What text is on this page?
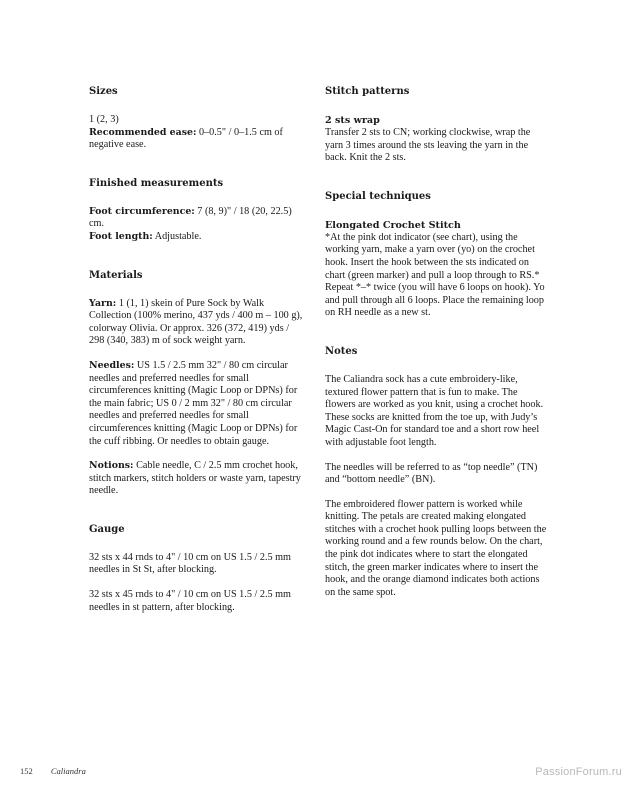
Sizes

1 (2, 3)
Recommended ease: 0–0.5" / 0–1.5 cm of negative ease.

Finished measurements

Foot circumference: 7 (8, 9)" / 18 (20, 22.5) cm.
Foot length: Adjustable.

Materials

Yarn: 1 (1, 1) skein of Pure Sock by Walk Collection (100% merino, 437 yds / 400 m – 100 g), colorway Olivia. Or approx. 326 (372, 419) yds / 298 (340, 383) m of sock weight yarn.

Needles: US 1.5 / 2.5 mm 32" / 80 cm circular needles and preferred needles for small circumferences knitting (Magic Loop or DPNs) for the main fabric; US 0 / 2 mm 32" / 80 cm circular needles and preferred needles for small circumferences knitting (Magic Loop or DPNs) for the cuff ribbing. Or needles to obtain gauge.

Notions: Cable needle, C / 2.5 mm crochet hook, stitch markers, stitch holders or waste yarn, tapestry needle.

Gauge

32 sts x 44 rnds to 4" / 10 cm on US 1.5 / 2.5 mm needles in St St, after blocking.

32 sts x 45 rnds to 4" / 10 cm on US 1.5 / 2.5 mm needles in st pattern, after blocking.

Stitch patterns

2 sts wrap

Transfer 2 sts to CN; working clockwise, wrap the yarn 3 times around the sts leaving the yarn in the back. Knit the 2 sts.

Special techniques

Elongated Crochet Stitch

*At the pink dot indicator (see chart), using the working yarn, make a yarn over (yo) on the crochet hook. Insert the hook between the sts indicated on chart (green marker) and pull a loop through to RS.* Repeat *–* twice (you will have 6 loops on hook). Yo and pull through all 6 loops. Place the remaining loop on RH needle as a new st.

Notes

The Caliandra sock has a cute embroidery-like, textured flower pattern that is fun to make. The flowers are worked as you knit, using a crochet hook. These socks are knitted from the toe up, with Judy’s Magic Cast-On for standard toe and a short row heel with adjustable foot length.

The needles will be referred to as “top needle” (TN) and “bottom needle” (BN).

The embroidered flower pattern is worked while knitting. The petals are created making elongated stitches with a crochet hook pulling loops between the working round and a few rounds below. On the chart, the pink dot indicates where to start the elongated stitch, the green marker indicates where to insert the hook, and the orange diamond indicates both actions on the same spot.

152 Caliandra	PassionForum.ru
